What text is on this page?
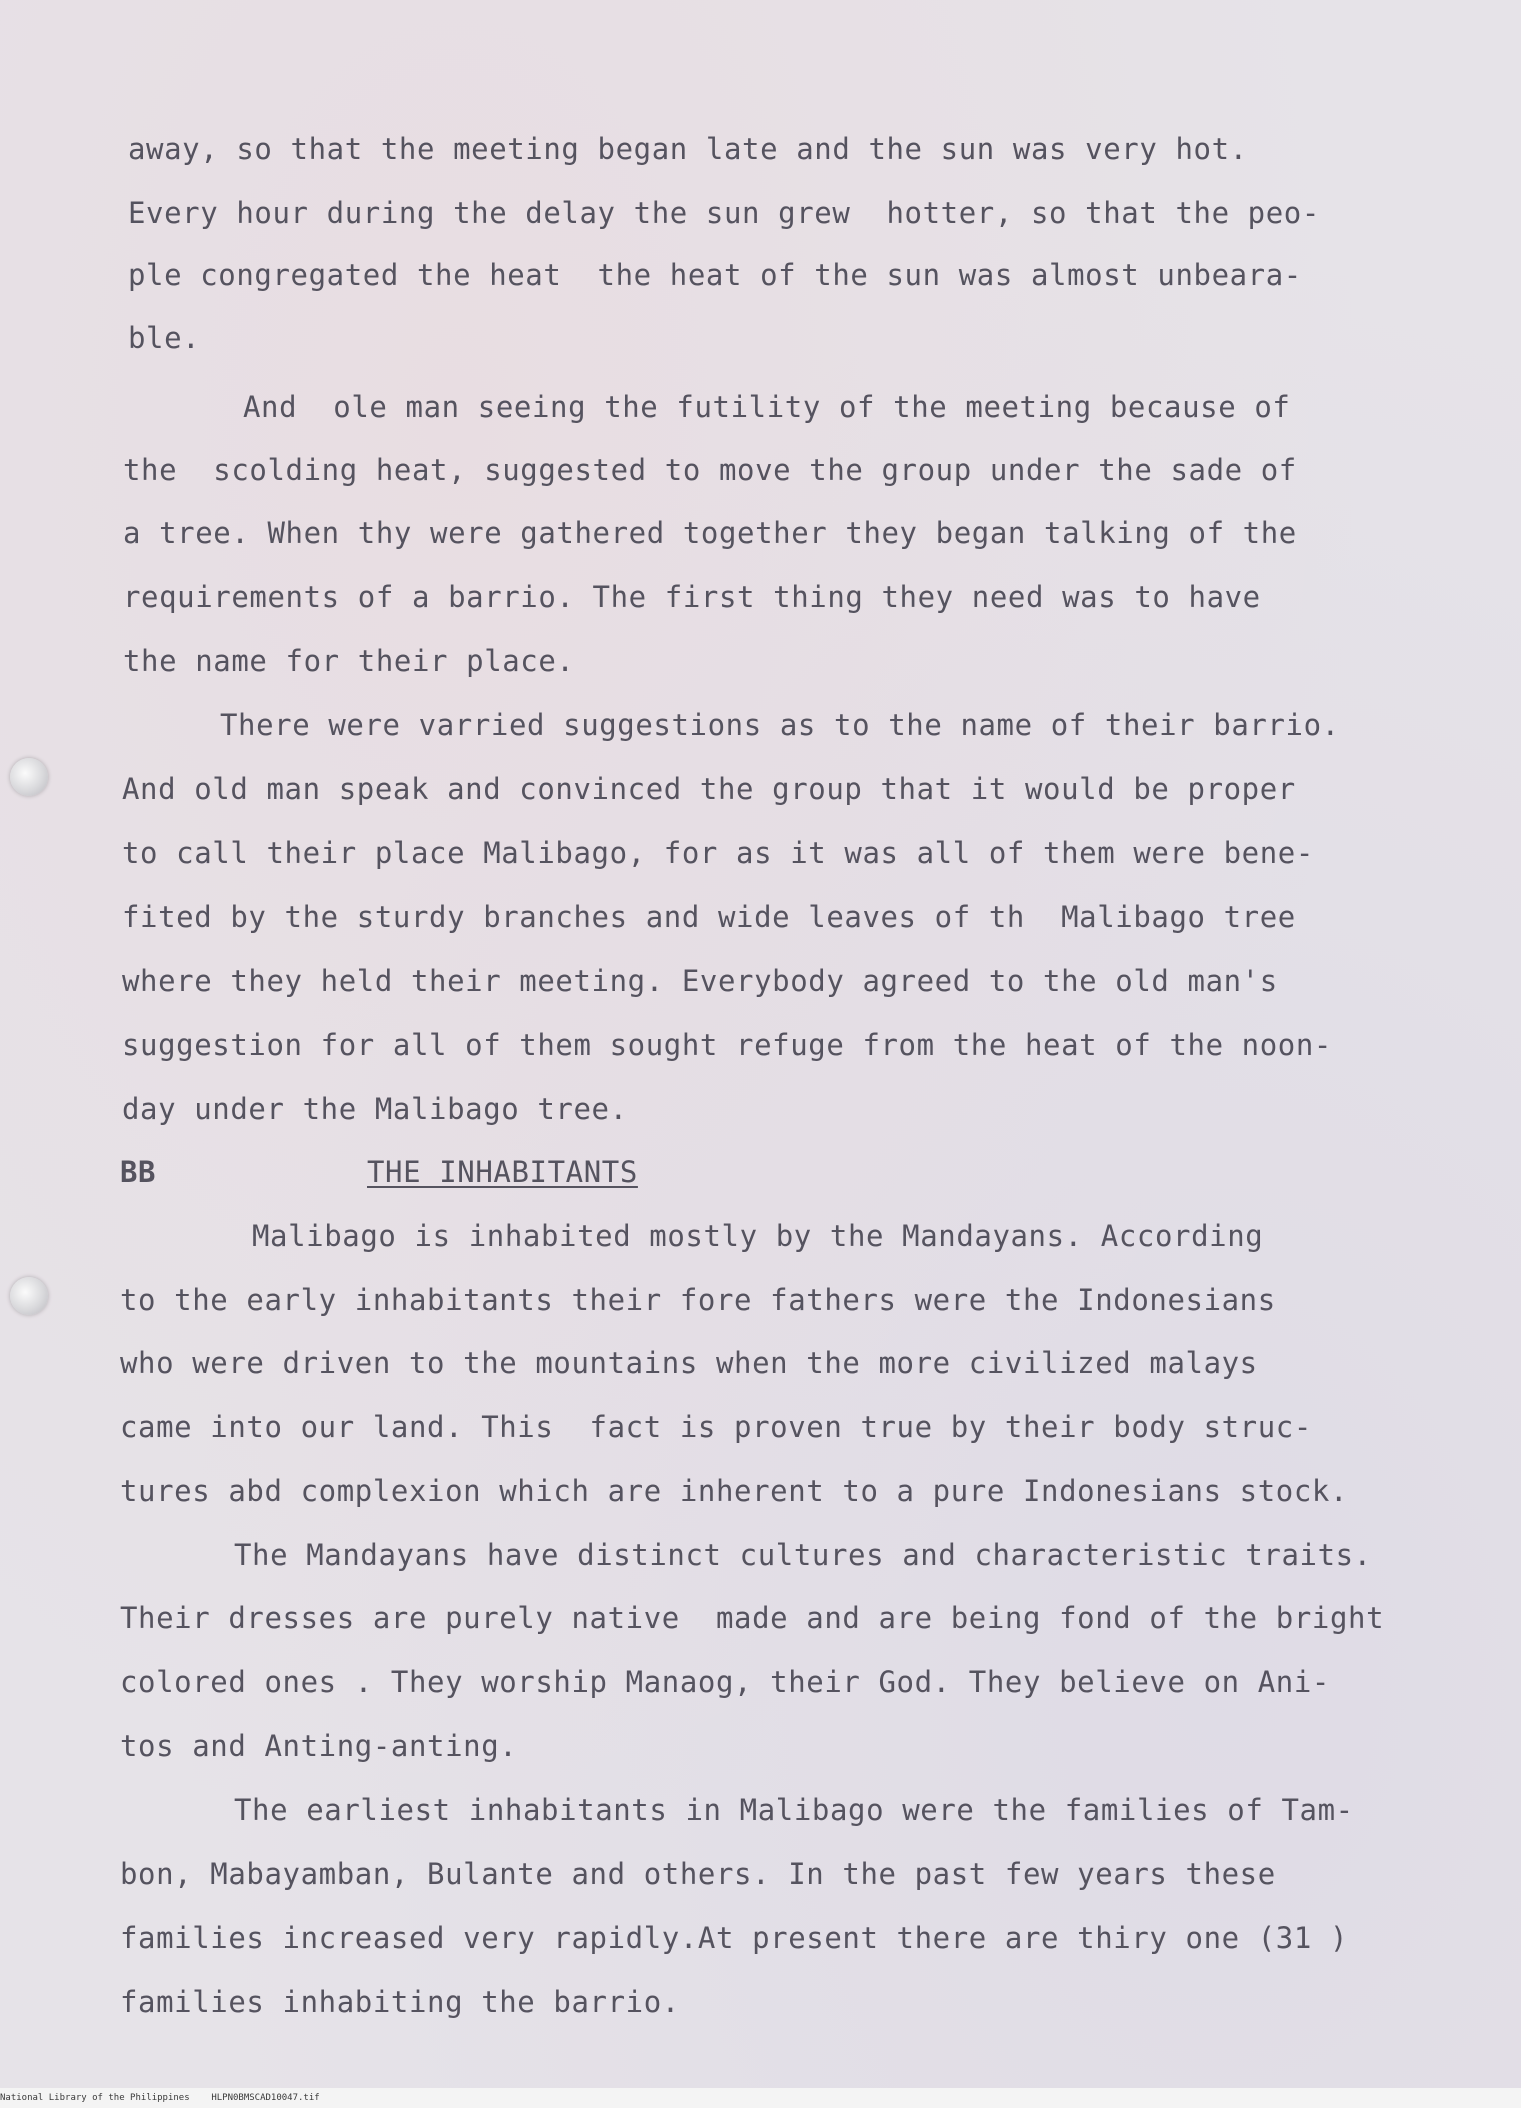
away, so that the meeting began late and the sun was very hot.
Every hour during the delay the sun grew  hotter, so that the peo-
ple congregated the heat  the heat of the sun was almost unbeara-
ble.
And  ole man seeing the futility of the meeting because of
the  scolding heat, suggested to move the group under the sade of
a tree. When thy were gathered together they began talking of the
requirements of a barrio. The first thing they need was to have
the name for their place.
There were varried suggestions as to the name of their barrio.
And old man speak and convinced the group that it would be proper
to call their place Malibago, for as it was all of them were bene-
fited by the sturdy branches and wide leaves of th  Malibago tree
where they held their meeting. Everybody agreed to the old man's
suggestion for all of them sought refuge from the heat of the noon-
day under the Malibago tree.
BB	THE INHABITANTS
Malibago is inhabited mostly by the Mandayans. According
to the early inhabitants their fore fathers were the Indonesians
who were driven to the mountains when the more civilized malays
came into our land. This  fact is proven true by their body struc-
tures abd complexion which are inherent to a pure Indonesians stock.
The Mandayans have distinct cultures and characteristic traits.
Their dresses are purely native  made and are being fond of the bright
colored ones . They worship Manaog, their God. They believe on Ani-
tos and Anting-anting.
The earliest inhabitants in Malibago were the families of Tam-
bon, Mabayamban, Bulante and others. In the past few years these
families increased very rapidly.At present there are thiry one (31 )
families inhabiting the barrio.
National Library of the Philippines    HLPN0BMSCAD10047.tif
